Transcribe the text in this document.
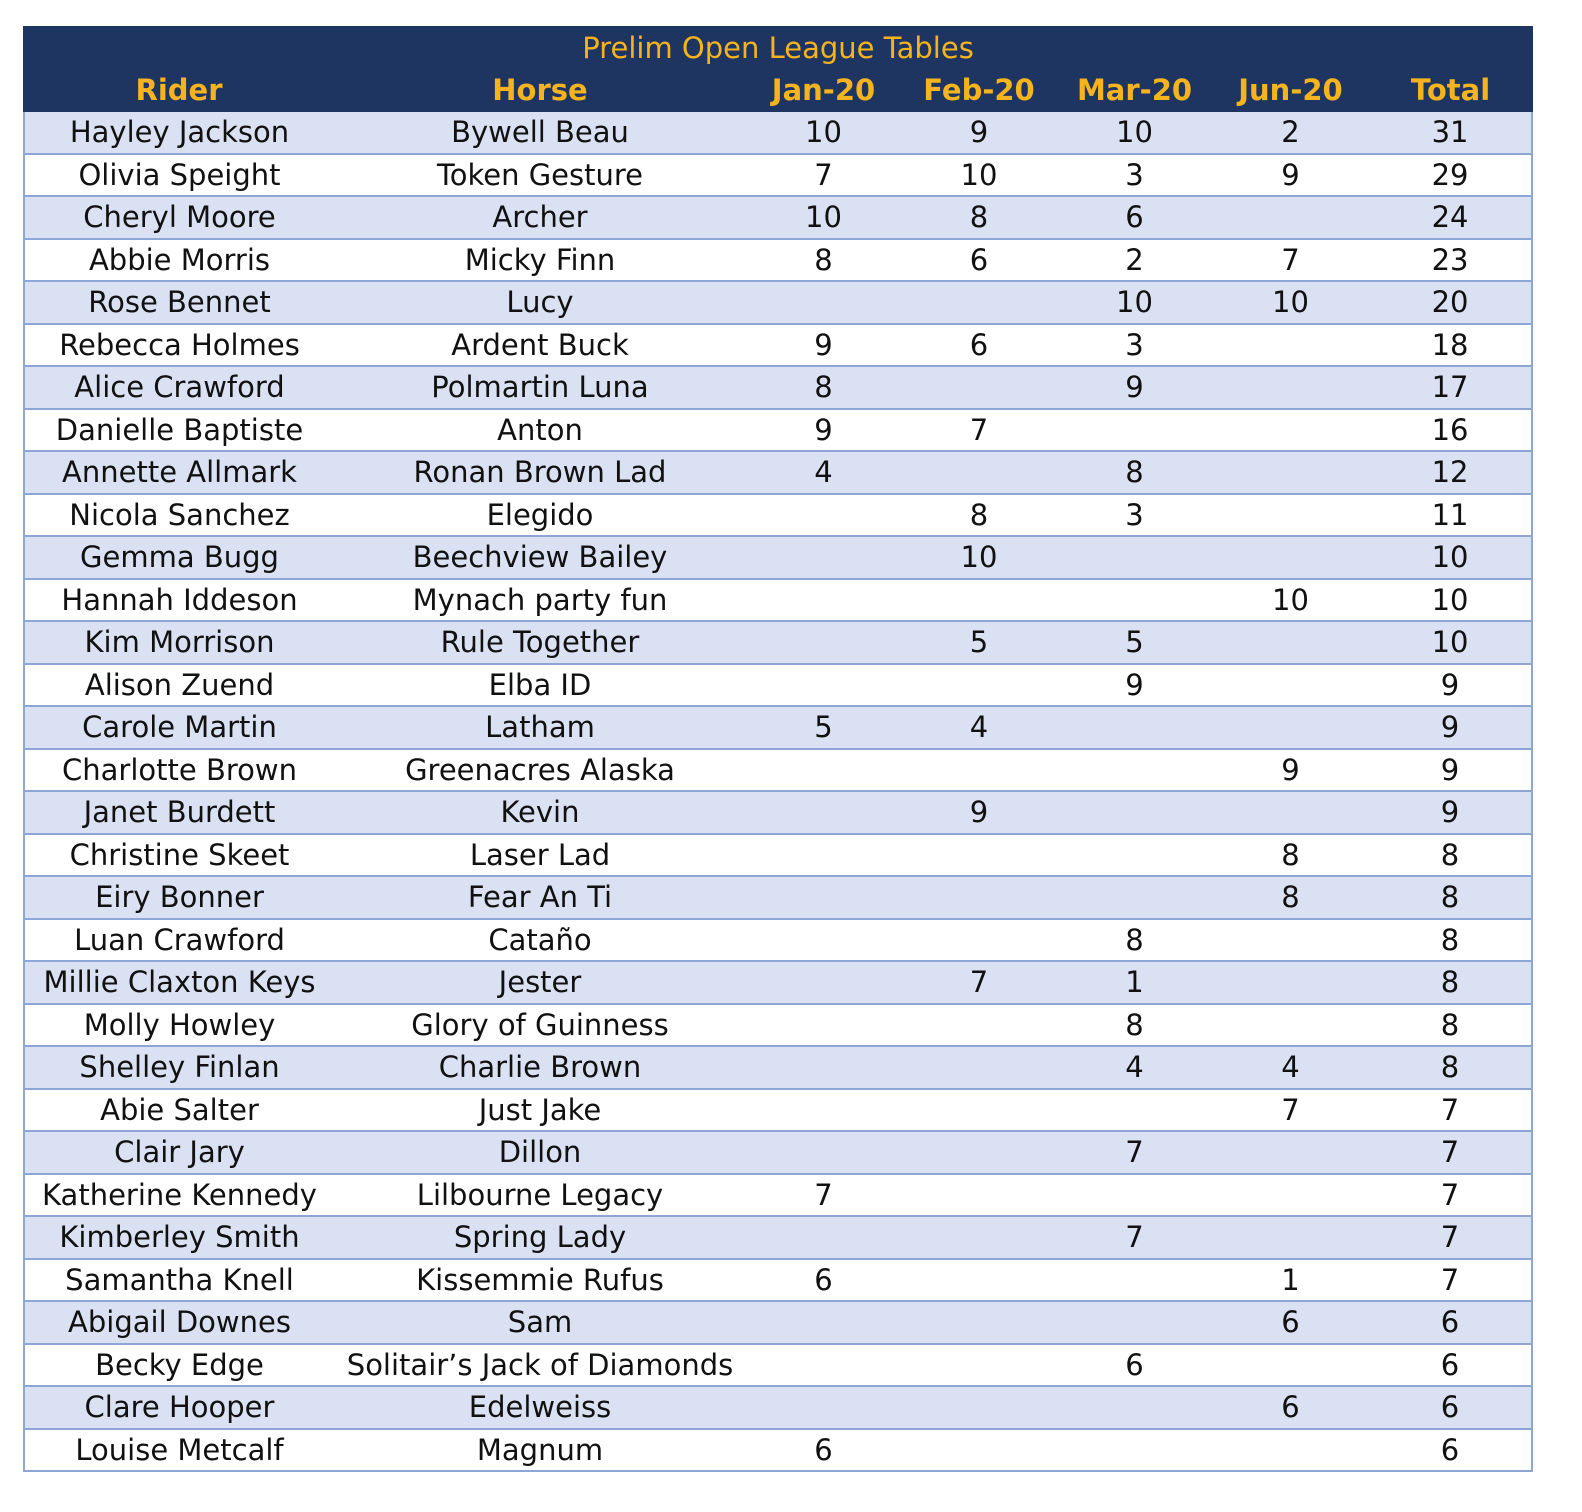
Prelim Open League Tables						
Rider	Horse	Jan-20	Feb-20	Mar-20	Jun-20	Total
Hayley Jackson	Bywell Beau	10	9	10	2	31
Olivia Speight	Token Gesture	7	10	3	9	29
Cheryl Moore	Archer	10	8	6		24
Abbie Morris	Micky Finn	8	6	2	7	23
Rose Bennet	Lucy			10	10	20
Rebecca Holmes	Ardent Buck	9	6	3		18
Alice Crawford	Polmartin Luna	8		9		17
Danielle Baptiste	Anton	9	7			16
Annette Allmark	Ronan Brown Lad	4		8		12
Nicola Sanchez	Elegido		8	3		11
Gemma Bugg	Beechview Bailey		10			10
Hannah Iddeson	Mynach party fun				10	10
Kim Morrison	Rule Together		5	5		10
Alison Zuend	Elba ID			9		9
Carole Martin	Latham	5	4			9
Charlotte Brown	Greenacres Alaska				9	9
Janet Burdett	Kevin		9			9
Christine Skeet	Laser Lad				8	8
Eiry Bonner	Fear An Ti				8	8
Luan Crawford	Cataño			8		8
Millie Claxton Keys	Jester		7	1		8
Molly Howley	Glory of Guinness			8		8
Shelley Finlan	Charlie Brown			4	4	8
Abie Salter	Just Jake				7	7
Clair Jary	Dillon			7		7
Katherine Kennedy	Lilbourne Legacy	7				7
Kimberley Smith	Spring Lady			7		7
Samantha Knell	Kissemmie Rufus	6			1	7
Abigail Downes	Sam				6	6
Becky Edge	Solitair’s Jack of Diamonds			6		6
Clare Hooper	Edelweiss				6	6
Louise Metcalf	Magnum	6				6
